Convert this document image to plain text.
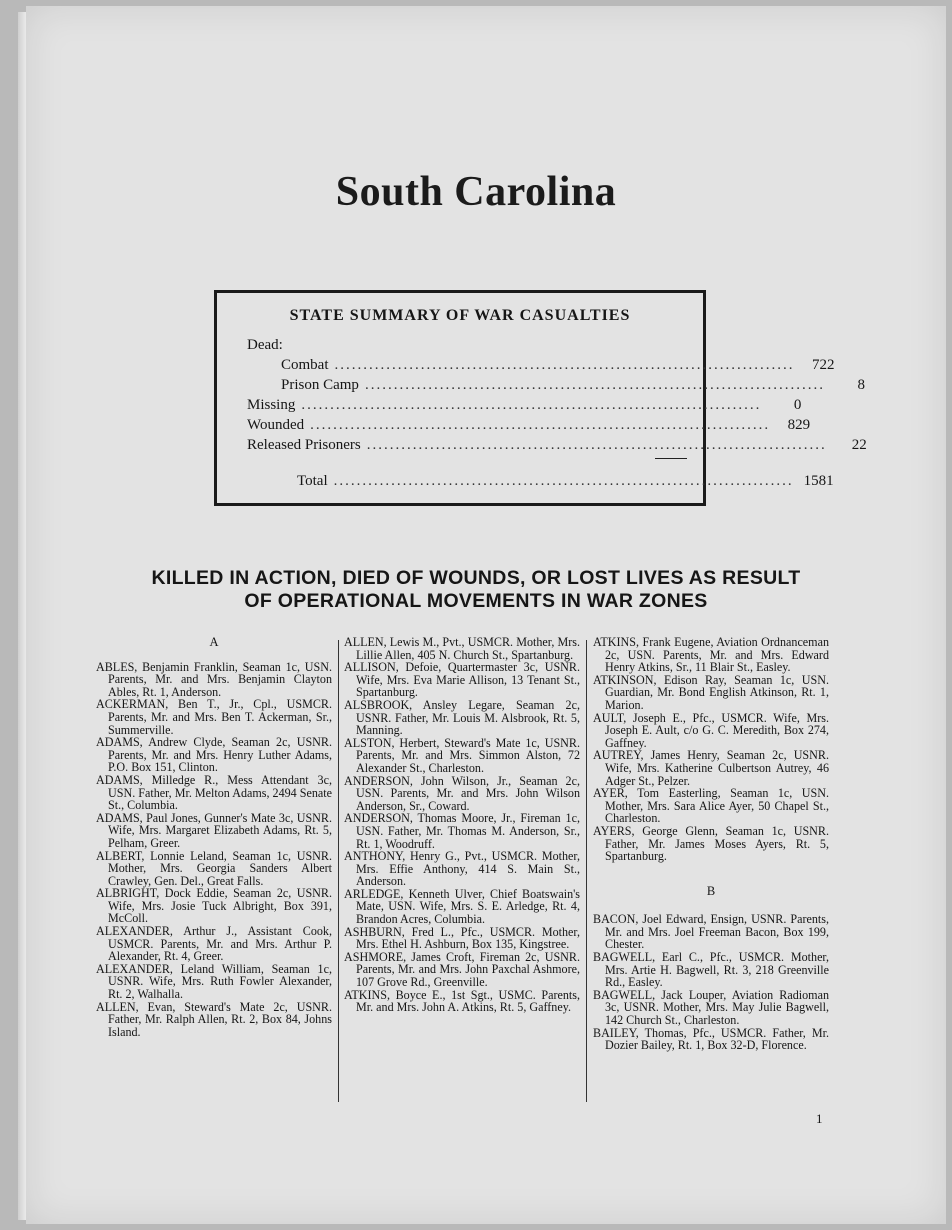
South Carolina
STATE SUMMARY OF WAR CASUALTIES
Dead:
Combat ................................................................................	722
Prison Camp ................................................................................	8
Missing ................................................................................	0
Wounded ................................................................................	829
Released Prisoners ................................................................................	22
Total ................................................................................ 1581
KILLED IN ACTION, DIED OF WOUNDS, OR LOST LIVES AS RESULT
OF OPERATIONAL MOVEMENTS IN WAR ZONES
A

ABLES, Benjamin Franklin, Seaman 1c, USN. Parents, Mr. and Mrs. Benjamin Clayton Ables, Rt. 1, Anderson.

ACKERMAN, Ben T., Jr., Cpl., USMCR. Parents, Mr. and Mrs. Ben T. Ackerman, Sr., Summerville.

ADAMS, Andrew Clyde, Seaman 2c, USNR. Parents, Mr. and Mrs. Henry Luther Adams, P.O. Box 151, Clinton.

ADAMS, Milledge R., Mess Attendant 3c, USN. Father, Mr. Melton Adams, 2494 Senate St., Columbia.

ADAMS, Paul Jones, Gunner's Mate 3c, USNR. Wife, Mrs. Margaret Elizabeth Adams, Rt. 5, Pelham, Greer.

ALBERT, Lonnie Leland, Seaman 1c, USNR. Mother, Mrs. Georgia Sanders Albert Crawley, Gen. Del., Great Falls.

ALBRIGHT, Dock Eddie, Seaman 2c, USNR. Wife, Mrs. Josie Tuck Albright, Box 391, McColl.

ALEXANDER, Arthur J., Assistant Cook, USMCR. Parents, Mr. and Mrs. Arthur P. Alexander, Rt. 4, Greer.

ALEXANDER, Leland William, Seaman 1c, USNR. Wife, Mrs. Ruth Fowler Alexander, Rt. 2, Walhalla.

ALLEN, Evan, Steward's Mate 2c, USNR. Father, Mr. Ralph Allen, Rt. 2, Box 84, Johns Island.

ALLEN, Lewis M., Pvt., USMCR. Mother, Mrs. Lillie Allen, 405 N. Church St., Spartanburg.

ALLISON, Defoie, Quartermaster 3c, USNR. Wife, Mrs. Eva Marie Allison, 13 Tenant St., Spartanburg.

ALSBROOK, Ansley Legare, Seaman 2c, USNR. Father, Mr. Louis M. Alsbrook, Rt. 5, Manning.

ALSTON, Herbert, Steward's Mate 1c, USNR. Parents, Mr. and Mrs. Simmon Alston, 72 Alexander St., Charleston.

ANDERSON, John Wilson, Jr., Seaman 2c, USN. Parents, Mr. and Mrs. John Wilson Anderson, Sr., Coward.

ANDERSON, Thomas Moore, Jr., Fireman 1c, USN. Father, Mr. Thomas M. Anderson, Sr., Rt. 1, Woodruff.

ANTHONY, Henry G., Pvt., USMCR. Mother, Mrs. Effie Anthony, 414 S. Main St., Anderson.

ARLEDGE, Kenneth Ulver, Chief Boatswain's Mate, USN. Wife, Mrs. S. E. Arledge, Rt. 4, Brandon Acres, Columbia.

ASHBURN, Fred L., Pfc., USMCR. Mother, Mrs. Ethel H. Ashburn, Box 135, Kingstree.

ASHMORE, James Croft, Fireman 2c, USNR. Parents, Mr. and Mrs. John Paxchal Ashmore, 107 Grove Rd., Greenville.

ATKINS, Boyce E., 1st Sgt., USMC. Parents, Mr. and Mrs. John A. Atkins, Rt. 5, Gaffney.

ATKINS, Frank Eugene, Aviation Ordnanceman 2c, USN. Parents, Mr. and Mrs. Edward Henry Atkins, Sr., 11 Blair St., Easley.

ATKINSON, Edison Ray, Seaman 1c, USN. Guardian, Mr. Bond English Atkinson, Rt. 1, Marion.

AULT, Joseph E., Pfc., USMCR. Wife, Mrs. Joseph E. Ault, c/o G. C. Meredith, Box 274, Gaffney.

AUTREY, James Henry, Seaman 2c, USNR. Wife, Mrs. Katherine Culbertson Autrey, 46 Adger St., Pelzer.

AYER, Tom Easterling, Seaman 1c, USN. Mother, Mrs. Sara Alice Ayer, 50 Chapel St., Charleston.

AYERS, George Glenn, Seaman 1c, USNR. Father, Mr. James Moses Ayers, Rt. 5, Spartanburg.

B

BACON, Joel Edward, Ensign, USNR. Parents, Mr. and Mrs. Joel Freeman Bacon, Box 199, Chester.

BAGWELL, Earl C., Pfc., USMCR. Mother, Mrs. Artie H. Bagwell, Rt. 3, 218 Greenville Rd., Easley.

BAGWELL, Jack Louper, Aviation Radioman 3c, USNR. Mother, Mrs. May Julie Bagwell, 142 Church St., Charleston.

BAILEY, Thomas, Pfc., USMCR. Father, Mr. Dozier Bailey, Rt. 1, Box 32-D, Florence.

1
